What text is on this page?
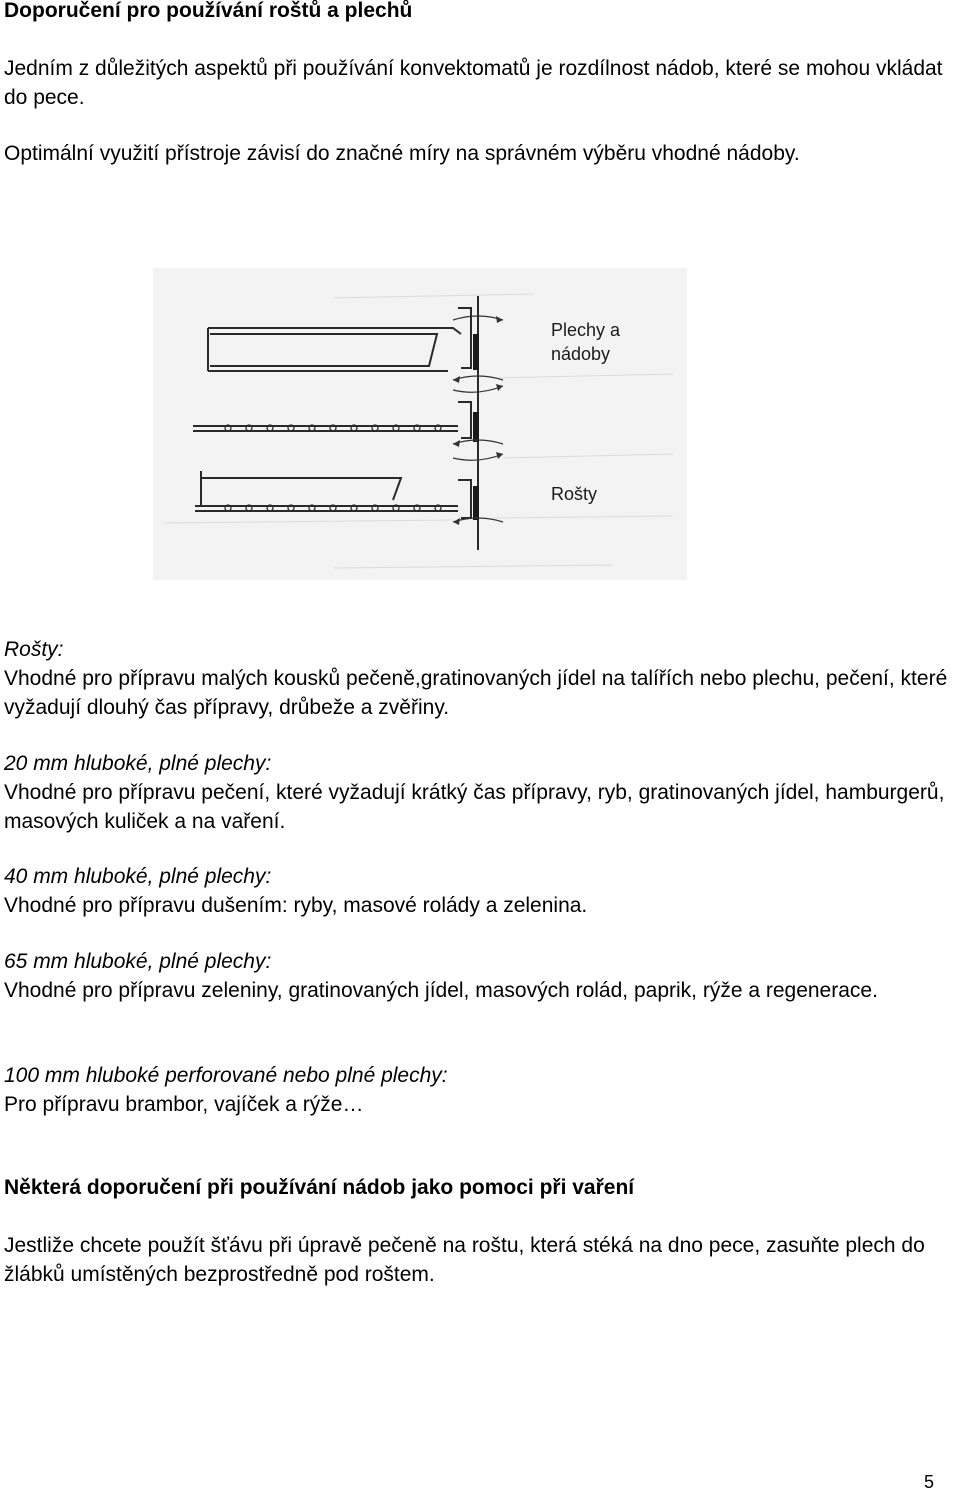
Doporučení pro používání roštů a plechů

Jedním z důležitých aspektů při používání konvektomatů je rozdílnost nádob, které se mohou vkládat do pece.

Optimální využití přístroje závisí do značné míry na správném výběru vhodné nádoby.

Plechy a
nádoby
Rošty
Rošty:

Vhodné pro přípravu malých kousků pečeně,gratinovaných jídel na talířích nebo plechu, pečení, které vyžadují dlouhý čas přípravy, drůbeže a zvěřiny.

20 mm hluboké, plné plechy:

Vhodné pro přípravu pečení, které vyžadují krátký čas přípravy, ryb, gratinovaných jídel, hamburgerů, masových kuliček a na vaření.

40 mm hluboké, plné plechy:

Vhodné pro přípravu dušením: ryby, masové rolády a zelenina.

65 mm hluboké, plné plechy:

Vhodné pro přípravu zeleniny, gratinovaných jídel, masových rolád, paprik, rýže a regenerace.

100 mm hluboké perforované nebo plné plechy:

Pro přípravu brambor, vajíček a rýže…

Některá doporučení při používání nádob jako pomoci při vaření

Jestliže chcete použít šťávu při úpravě pečeně na roštu, která stéká na dno pece, zasuňte plech do žlábků umístěných bezprostředně pod roštem.

5
